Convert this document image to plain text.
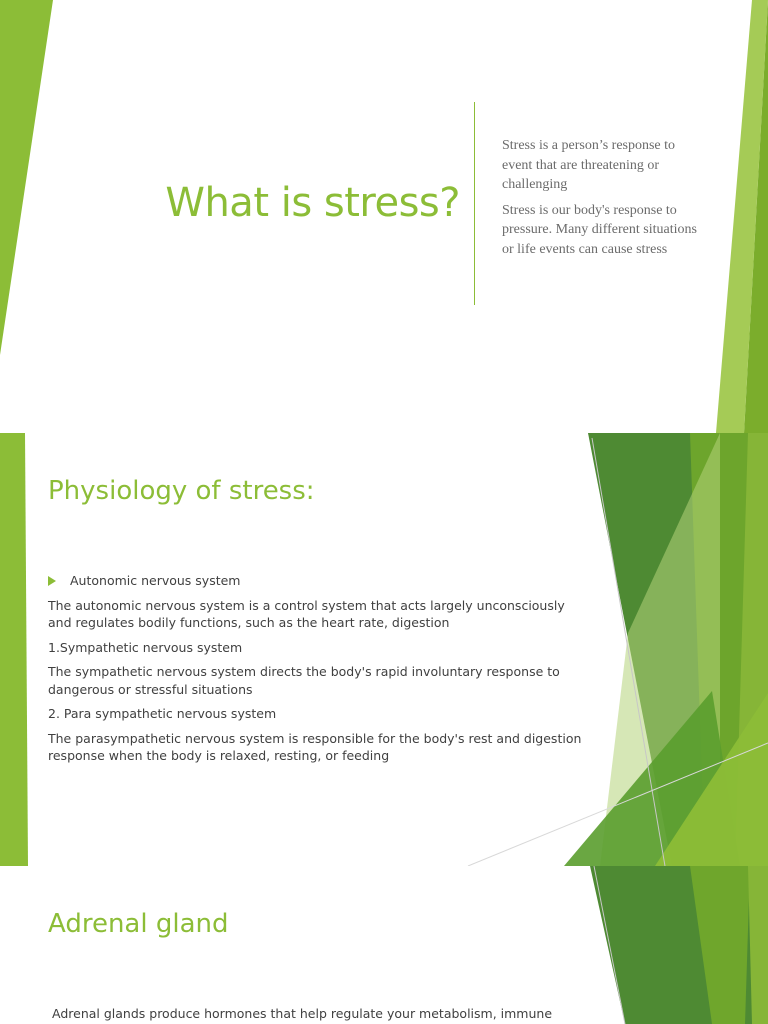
What is stress?

Stress is a person’s response to event that are threatening or challenging

Stress is our body's response to pressure. Many different situations or life events can cause stress

Physiology of stress:
Autonomic nervous system

The autonomic nervous system is a control system that acts largely unconsciously and regulates bodily functions, such as the heart rate, digestion

1.Sympathetic nervous system

The sympathetic nervous system directs the body's rapid involuntary response to dangerous or stressful situations

2. Para sympathetic nervous system

The parasympathetic nervous system is responsible for the body's rest and digestion response when the body is relaxed, resting, or feeding

Adrenal gland

Adrenal glands produce hormones that help regulate your metabolism, immune
